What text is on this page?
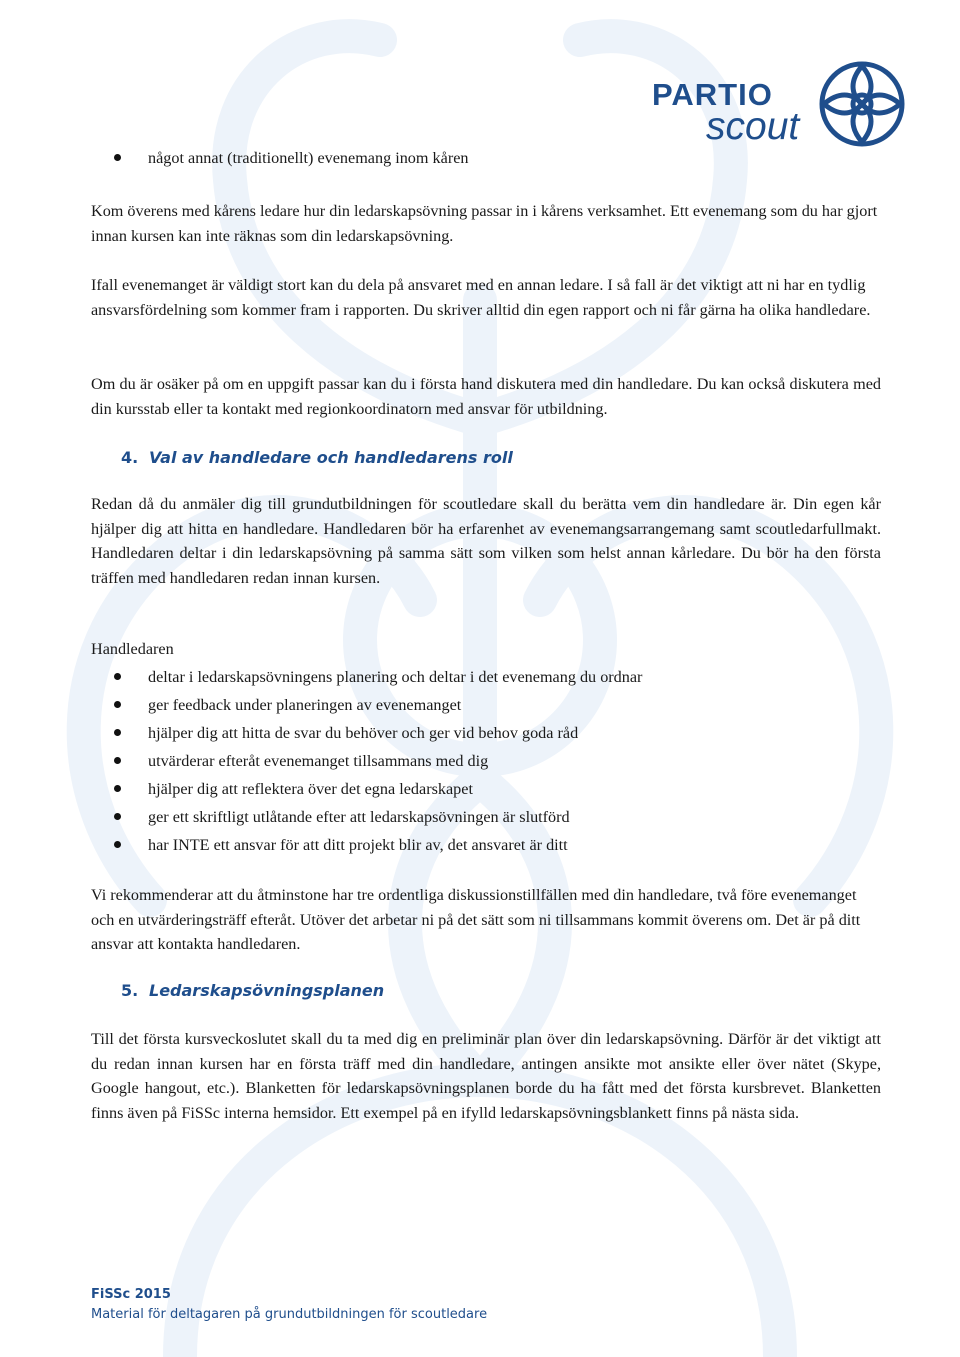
PARTIO
scout
något annat (traditionellt) evenemang inom kåren

Kom överens med kårens ledare hur din ledarskapsövning passar in i kårens verksamhet. Ett evenemang som du har gjort innan kursen kan inte räknas som din ledarskapsövning.

Ifall evenemanget är väldigt stort kan du dela på ansvaret med en annan ledare. I så fall är det viktigt att ni har en tydlig ansvarsfördelning som kommer fram i rapporten. Du skriver alltid din egen rapport och ni får gärna ha olika handledare.

Om du är osäker på om en uppgift passar kan du i första hand diskutera med din handledare. Du kan också diskutera med din kursstab eller ta kontakt med regionkoordinatorn med ansvar för utbildning.

4. Val av handledare och handledarens roll

Redan då du anmäler dig till grundutbildningen för scoutledare skall du berätta vem din handledare är. Din egen kår hjälper dig att hitta en handledare. Handledaren bör ha erfarenhet av evenemangsarrangemang samt scoutledarfullmakt. Handledaren deltar i din ledarskapsövning på samma sätt som vilken som helst annan kårledare. Du bör ha den första träffen med handledaren redan innan kursen.

Handledaren

deltar i ledarskapsövningens planering och deltar i det evenemang du ordnar
ger feedback under planeringen av evenemanget
hjälper dig att hitta de svar du behöver och ger vid behov goda råd
utvärderar efteråt evenemanget tillsammans med dig
hjälper dig att reflektera över det egna ledarskapet
ger ett skriftligt utlåtande efter att ledarskapsövningen är slutförd
har INTE ett ansvar för att ditt projekt blir av, det ansvaret är ditt

Vi rekommenderar att du åtminstone har tre ordentliga diskussionstillfällen med din handledare, två före evenemanget och en utvärderingsträff efteråt. Utöver det arbetar ni på det sätt som ni tillsammans kommit överens om. Det är på ditt ansvar att kontakta handledaren.

5. Ledarskapsövningsplanen

Till det första kursveckoslutet skall du ta med dig en preliminär plan över din ledarskapsövning. Därför är det viktigt att du redan innan kursen har en första träff med din handledare, antingen ansikte mot ansikte eller över nätet (Skype, Google hangout, etc.). Blanketten för ledarskapsövningsplanen borde du ha fått med det första kursbrevet. Blanketten finns även på FiSSc interna hemsidor. Ett exempel på en ifylld ledarskapsövningsblankett finns på nästa sida.

FiSSc 2015
Material för deltagaren på grundutbildningen för scoutledare
